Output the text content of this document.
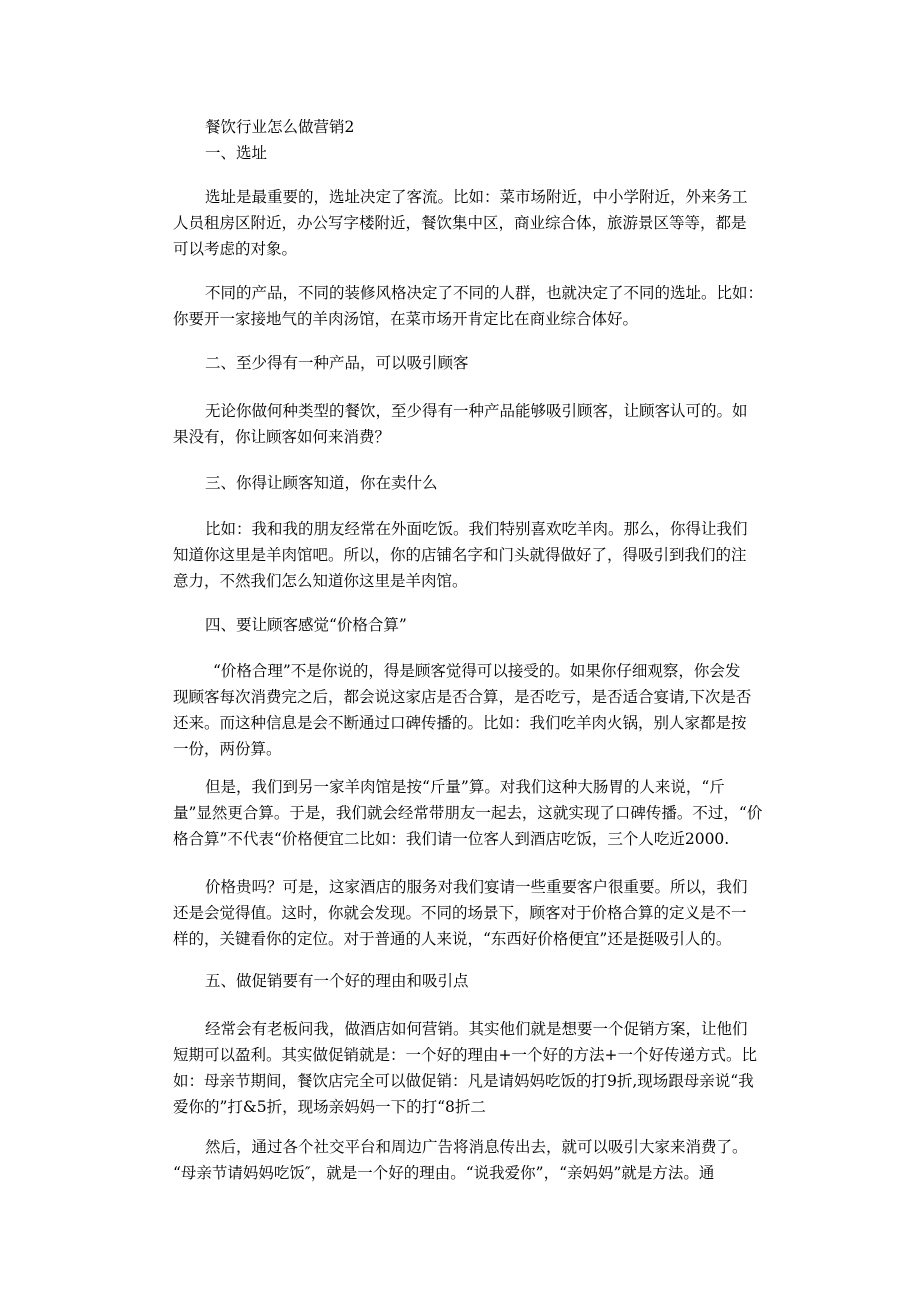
餐饮行业怎么做营销2
一、选址
选址是最重要的，选址决定了客流。比如：菜市场附近，中小学附近，外来务工
人员租房区附近，办公写字楼附近，餐饮集中区，商业综合体，旅游景区等等，都是
可以考虑的对象。
不同的产品，不同的装修风格决定了不同的人群，也就决定了不同的选址。比如：
你要开一家接地气的羊肉汤馆，在菜市场开肯定比在商业综合体好。
二、至少得有一种产品，可以吸引顾客
无论你做何种类型的餐饮，至少得有一种产品能够吸引顾客，让顾客认可的。如
果没有，你让顾客如何来消费？
三、你得让顾客知道，你在卖什么
比如：我和我的朋友经常在外面吃饭。我们特别喜欢吃羊肉。那么，你得让我们
知道你这里是羊肉馆吧。所以，你的店铺名字和门头就得做好了，得吸引到我们的注
意力，不然我们怎么知道你这里是羊肉馆。
四、要让顾客感觉“价格合算”
“价格合理”不是你说的，得是顾客觉得可以接受的。如果你仔细观察，你会发
现顾客每次消费完之后，都会说这家店是否合算，是否吃亏，是否适合宴请,下次是否
还来。而这种信息是会不断通过口碑传播的。比如：我们吃羊肉火锅，别人家都是按
一份，两份算。
但是，我们到另一家羊肉馆是按“斤量”算。对我们这种大肠胃的人来说，“斤
量”显然更合算。于是，我们就会经常带朋友一起去，这就实现了口碑传播。不过，“价
格合算”不代表“价格便宜二比如：我们请一位客人到酒店吃饭，三个人吃近2000.
价格贵吗？可是，这家酒店的服务对我们宴请一些重要客户很重要。所以，我们
还是会觉得值。这时，你就会发现。不同的场景下，顾客对于价格合算的定义是不一
样的，关键看你的定位。对于普通的人来说，“东西好价格便宜”还是挺吸引人的。
五、做促销要有一个好的理由和吸引点
经常会有老板问我，做酒店如何营销。其实他们就是想要一个促销方案，让他们
短期可以盈利。其实做促销就是：一个好的理由+一个好的方法+一个好传递方式。比
如：母亲节期间，餐饮店完全可以做促销：凡是请妈妈吃饭的打9折,现场跟母亲说“我
爱你的”打&5折，现场亲妈妈一下的打“8折二
然后，通过各个社交平台和周边广告将消息传出去，就可以吸引大家来消费了。
“母亲节请妈妈吃饭″，就是一个好的理由。“说我爱你”，“亲妈妈”就是方法。通
